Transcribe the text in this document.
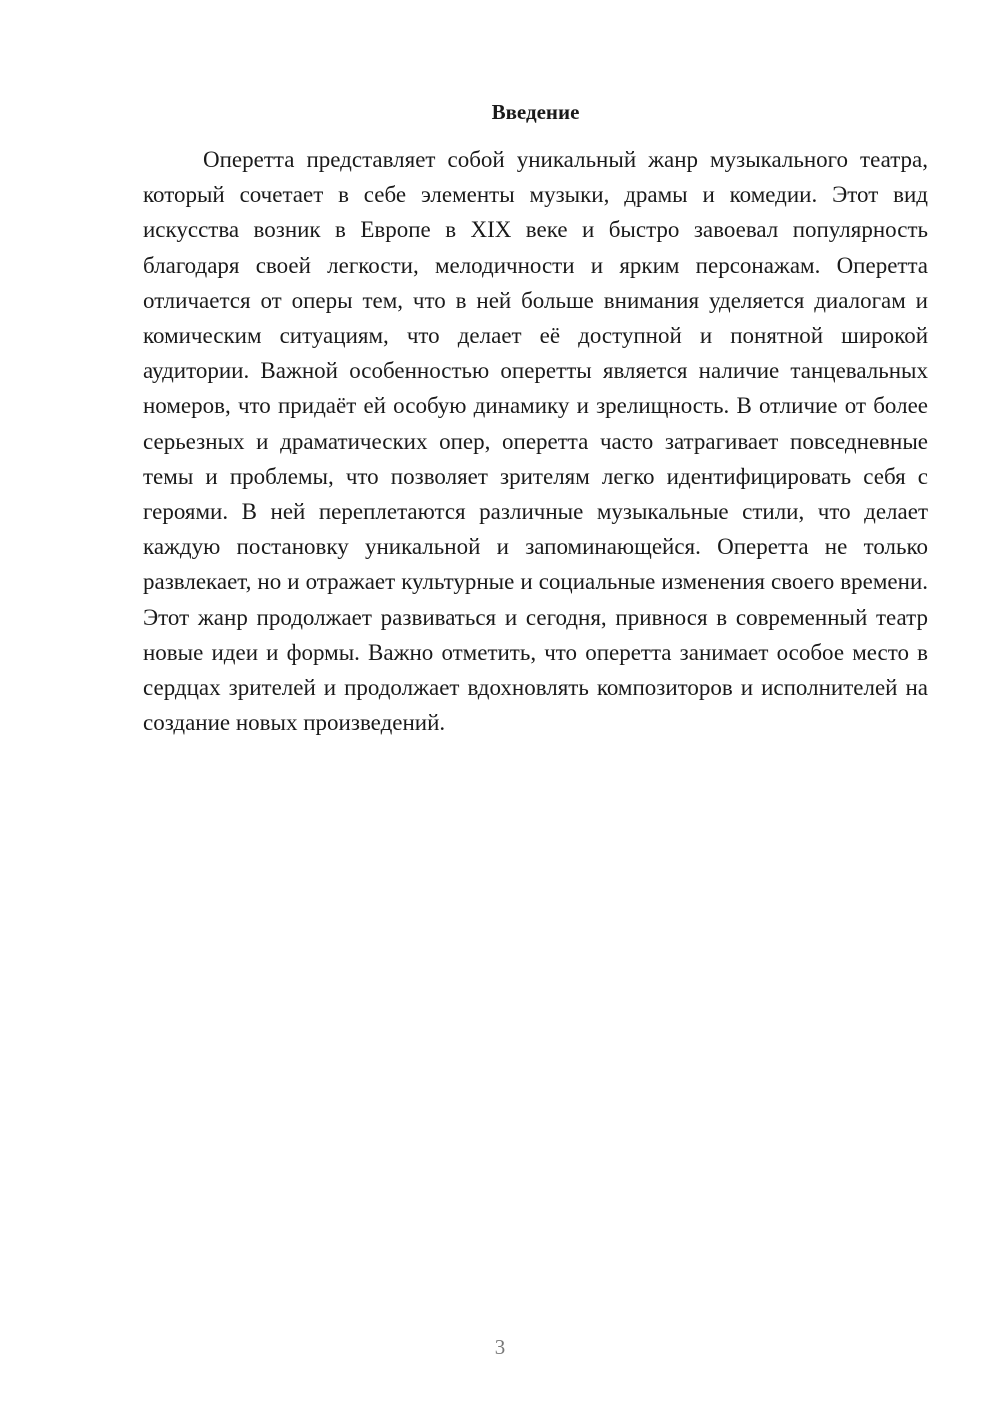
Введение

Оперетта представляет собой уникальный жанр музыкального театра, который сочетает в себе элементы музыки, драмы и комедии. Этот вид искусства возник в Европе в XIX веке и быстро завоевал популярность благодаря своей легкости, мелодичности и ярким персонажам. Оперетта отличается от оперы тем, что в ней больше внимания уделяется диалогам и комическим ситуациям, что делает её доступной и понятной широкой аудитории. Важной особенностью оперетты является наличие танцевальных номеров, что придаёт ей особую динамику и зрелищность. В отличие от более серьезных и драматических опер, оперетта часто затрагивает повседневные темы и проблемы, что позволяет зрителям легко идентифицировать себя с героями. В ней переплетаются различные музыкальные стили, что делает каждую постановку уникальной и запоминающейся. Оперетта не только развлекает, но и отражает культурные и социальные изменения своего времени. Этот жанр продолжает развиваться и сегодня, привнося в современный театр новые идеи и формы. Важно отметить, что оперетта занимает особое место в сердцах зрителей и продолжает вдохновлять композиторов и исполнителей на создание новых произведений.

3
